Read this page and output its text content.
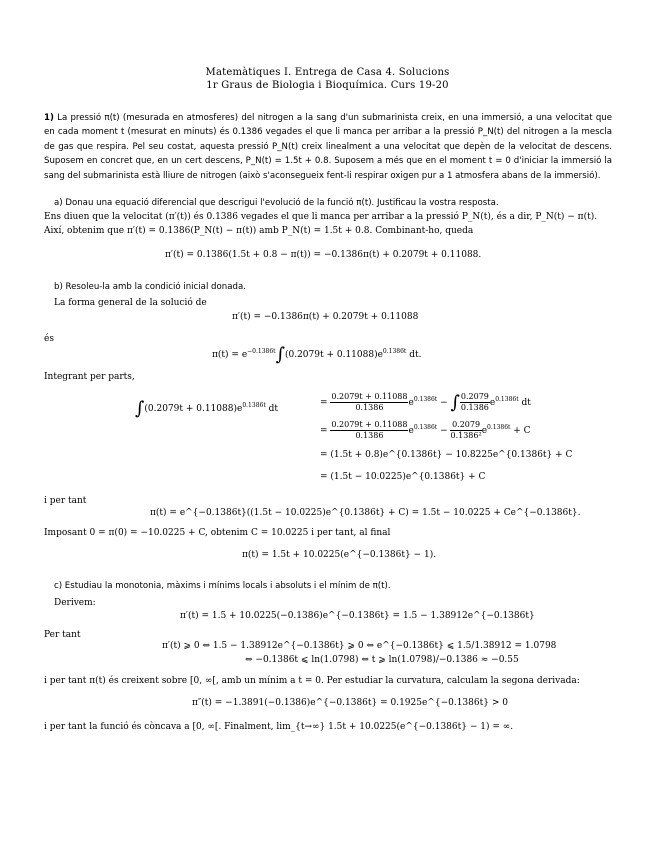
Matemàtiques I. Entrega de Casa 4. Solucions
1r Graus de Biologia i Bioquímica. Curs 19-20
1) La pressió π(t) (mesurada en atmosferes) del nitrogen a la sang d'un submarinista creix, en una immersió, a una velocitat que en cada moment t (mesurat en minuts) és 0.1386 vegades el que li manca per arribar a la pressió P_N(t) del nitrogen a la mescla de gas que respira. Pel seu costat, aquesta pressió P_N(t) creix linealment a una velocitat que depèn de la velocitat de descens. Suposem en concret que, en un cert descens, P_N(t) = 1.5t + 0.8. Suposem a més que en el moment t = 0 d'iniciar la immersió la sang del submarinista està lliure de nitrogen (això s'aconsegueix fent-li respirar oxigen pur a 1 atmosfera abans de la immersió).
a) Donau una equació diferencial que descrigui l'evolució de la funció π(t). Justificau la vostra resposta.
Ens diuen que la velocitat (π′(t)) és 0.1386 vegades el que li manca per arribar a la pressió P_N(t), és a dir, P_N(t) − π(t).
Així, obtenim que π′(t) = 0.1386(P_N(t) − π(t)) amb P_N(t) = 1.5t + 0.8. Combinant-ho, queda
π′(t) = 0.1386(1.5t + 0.8 − π(t)) = −0.1386π(t) + 0.2079t + 0.11088.
b) Resoleu-la amb la condició inicial donada.
La forma general de la solució de
π′(t) = −0.1386π(t) + 0.2079t + 0.11088
és
$\pi(t) = e^{-0.1386t}\int(0.2079t + 0.11088)e^{0.1386t}$ dt.
Integrant per parts,
$\int(0.2079t + 0.11088)e^{0.1386t}$ dt
= $\frac{0.2079t + 0.11088}{0.1386} e^{0.1386t}$ − ∫ $\frac{0.2079}{0.1386} e^{0.1386t}$ dt
= $\frac{0.2079t + 0.11088}{0.1386} e^{0.1386t} - \frac{0.2079}{\text{0.1386²}} e^{0.1386t} + C$
= (1.5t + 0.8)e^{0.1386t} − 10.8225e^{0.1386t} + C
= (1.5t − 10.0225)e^{0.1386t} + C
i per tant
π(t) = e^{−0.1386t}((1.5t − 10.0225)e^{0.1386t} + C) = 1.5t − 10.0225 + Ce^{−0.1386t}.
Imposant 0 = π(0) = −10.0225 + C, obtenim C = 10.0225 i per tant, al final
π(t) = 1.5t + 10.0225(e^{−0.1386t} − 1).
c) Estudiau la monotonia, màxims i mínims locals i absoluts i el mínim de π(t).
Derivem:
π′(t) = 1.5 + 10.0225(−0.1386)e^{−0.1386t} = 1.5 − 1.38912e^{−0.1386t}
Per tant
π′(t) ⩾ 0 ⇔ 1.5 − 1.38912e^{−0.1386t} ⩾ 0 ⇔ e^{−0.1386t} ⩽ 1.5/1.38912 = 1.0798
⇔ −0.1386t ⩽ ln(1.0798) ⇔ t ⩾ ln(1.0798)/−0.1386 ≈ −0.55
i per tant π(t) és creixent sobre [0, ∞[, amb un mínim a t = 0. Per estudiar la curvatura, calculam la segona derivada:
π″(t) = −1.3891(−0.1386)e^{−0.1386t} = 0.1925e^{−0.1386t} > 0
i per tant la funció és còncava a [0, ∞[. Finalment, lim_{t→∞} 1.5t + 10.0225(e^{−0.1386t} − 1) = ∞.
